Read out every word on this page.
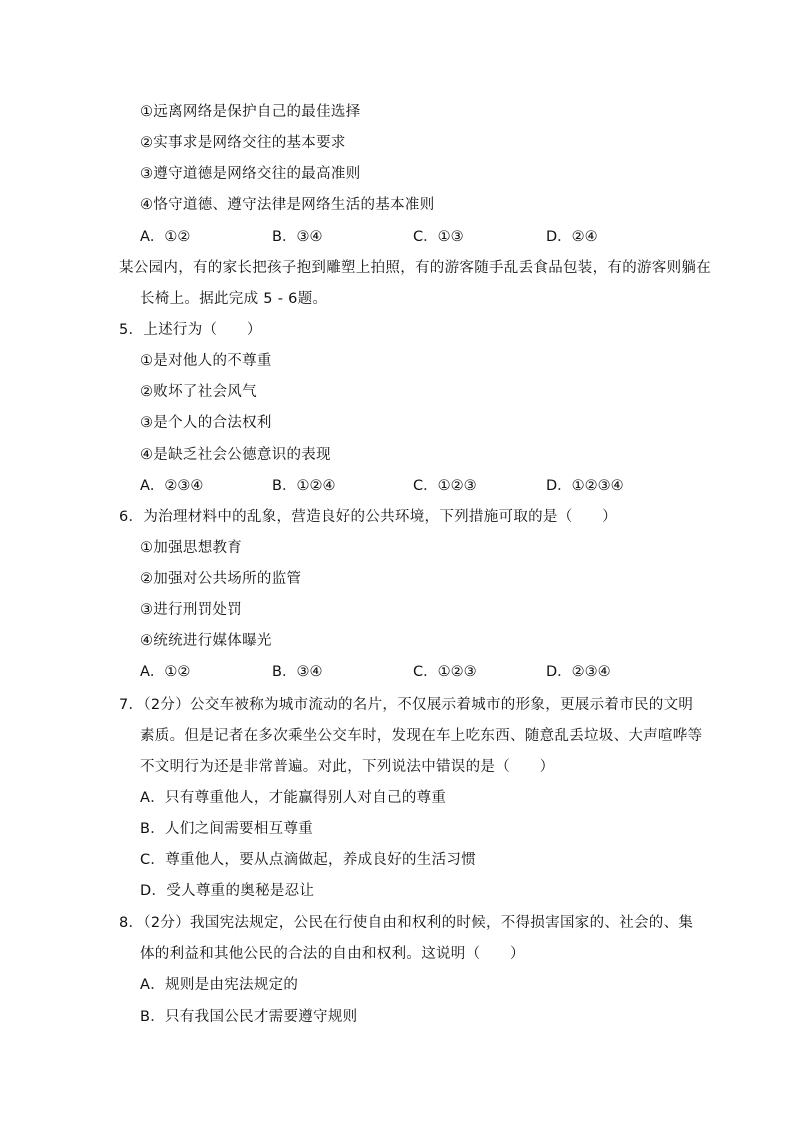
①远离网络是保护自己的最佳选择
②实事求是网络交往的基本要求
③遵守道德是网络交往的最高准则
④恪守道德、遵守法律是网络生活的基本准则
A．①②	B．③④	C．①③	D．②④
某公园内，有的家长把孩子抱到雕塑上拍照，有的游客随手乱丢食品包装，有的游客则躺在
长椅上。据此完成 5 - 6题。
5．上述行为（　　）
①是对他人的不尊重
②败坏了社会风气
③是个人的合法权利
④是缺乏社会公德意识的表现
A．②③④	B．①②④	C．①②③	D．①②③④
6．为治理材料中的乱象，营造良好的公共环境，下列措施可取的是（　　）
①加强思想教育
②加强对公共场所的监管
③进行刑罚处罚
④统统进行媒体曝光
A．①②	B．③④	C．①②③	D．②③④
7．（2分）公交车被称为城市流动的名片，不仅展示着城市的形象，更展示着市民的文明
素质。但是记者在多次乘坐公交车时，发现在车上吃东西、随意乱丢垃圾、大声喧哗等
不文明行为还是非常普遍。对此，下列说法中错误的是（　　）
A．只有尊重他人，才能赢得别人对自己的尊重
B．人们之间需要相互尊重
C．尊重他人，要从点滴做起，养成良好的生活习惯
D．受人尊重的奥秘是忍让
8．（2分）我国宪法规定，公民在行使自由和权利的时候，不得损害国家的、社会的、集
体的利益和其他公民的合法的自由和权利。这说明（　　）
A．规则是由宪法规定的
B．只有我国公民才需要遵守规则
